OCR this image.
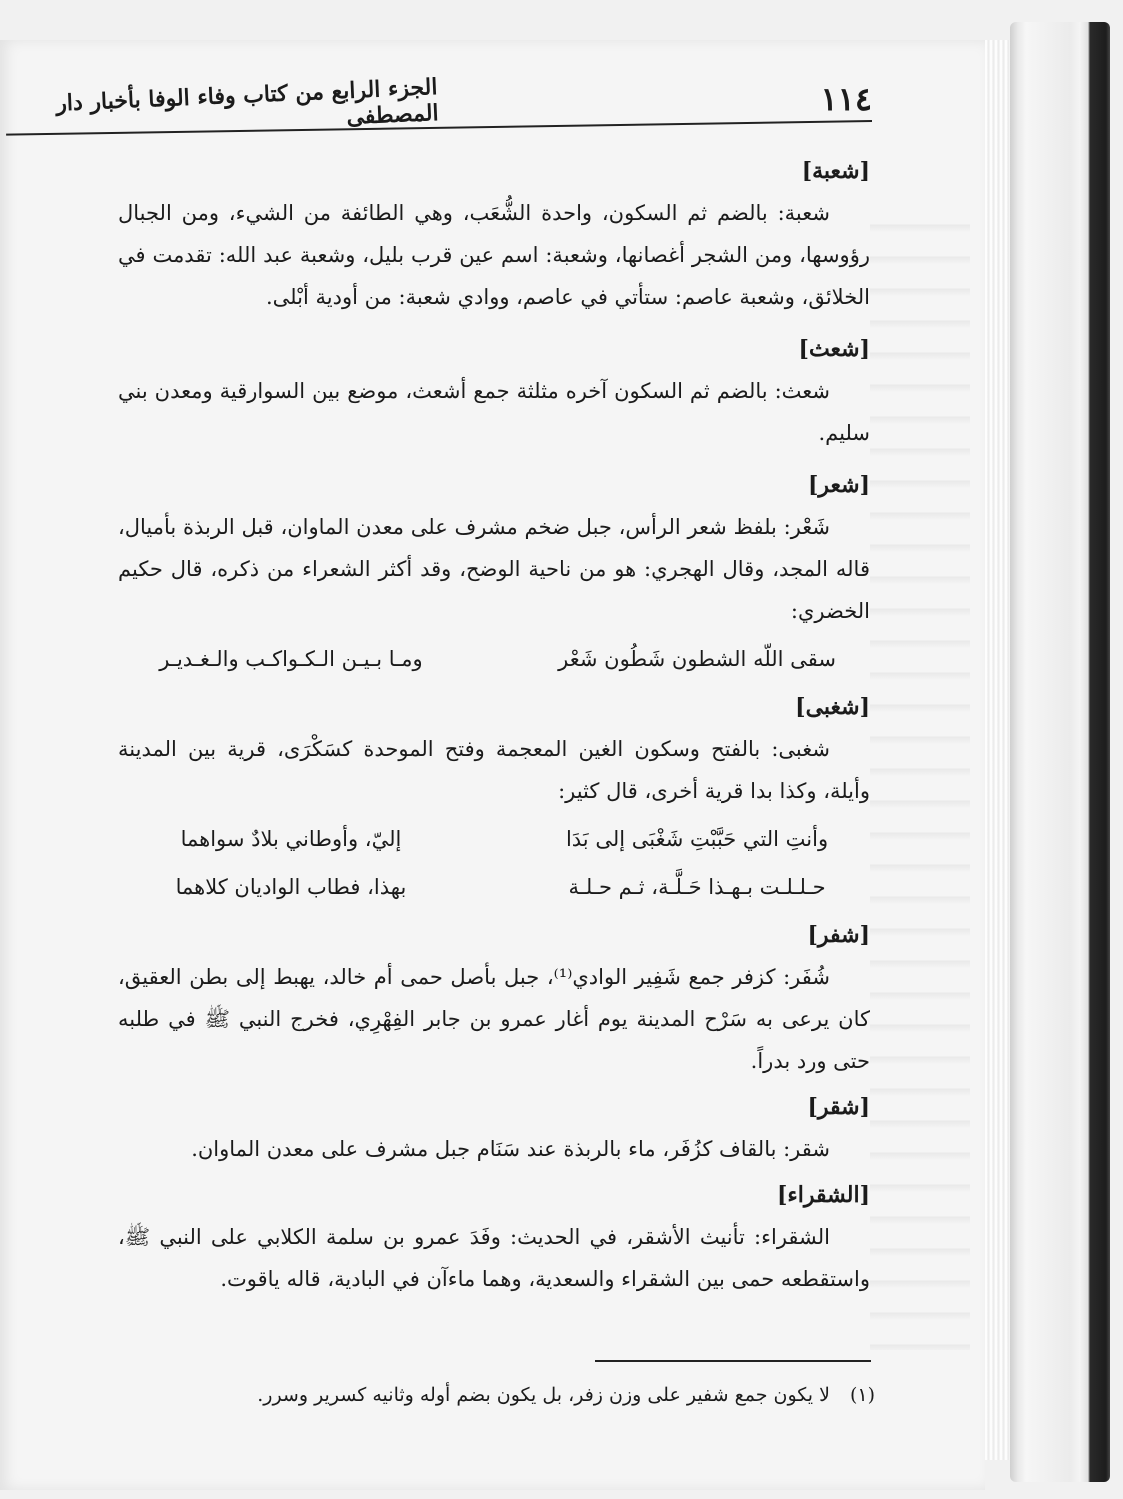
١١٤
الجزء الرابع من كتاب وفاء الوفا بأخبار دار المصطفى
[شعبة]

شعبة: بالضم ثم السكون، واحدة الشُّعَب، وهي الطائفة من الشيء، ومن الجبال رؤوسها، ومن الشجر أغصانها، وشعبة: اسم عين قرب بليل، وشعبة عبد الله: تقدمت في الخلائق، وشعبة عاصم: ستأتي في عاصم، ووادي شعبة: من أودية أبْلى.

[شعث]

شعث: بالضم ثم السكون آخره مثلثة جمع أشعث، موضع بين السوارقية ومعدن بني سليم.

[شعر]

شَعْر: بلفظ شعر الرأس، جبل ضخم مشرف على معدن الماوان، قبل الربذة بأميال، قاله المجد، وقال الهجري: هو من ناحية الوضح، وقد أكثر الشعراء من ذكره، قال حكيم الخضري:

سقى اللّه الشطون شَطُون شَعْر
ومـا بـيـن الـكـواكـب والـغـديـر
[شغبى]

شغبى: بالفتح وسكون الغين المعجمة وفتح الموحدة كسَكْرَى، قرية بين المدينة وأيلة، وكذا بدا قرية أخرى، قال كثير:

وأنتِ التي حَبَّبْتِ شَغْبَى إلى بَدَا
إليّ، وأوطاني بلادٌ سواهما
حـلـلـت بـهـذا حَـلَّـة، ثـم حـلـة
بهذا، فطاب الواديان كلاهما
[شفر]

شُفَر: كزفر جمع شَفِير الوادي⁽¹⁾، جبل بأصل حمى أم خالد، يهبط إلى بطن العقيق، كان يرعى به سَرْح المدينة يوم أغار عمرو بن جابر الفِهْرِي، فخرج النبي ﷺ في طلبه حتى ورد بدراً.

[شقر]

شقر: بالقاف كزُفَر، ماء بالربذة عند سَنَام جبل مشرف على معدن الماوان.

[الشقراء]

الشقراء: تأنيث الأشقر، في الحديث: وفَدَ عمرو بن سلمة الكلابي على النبي ﷺ، واستقطعه حمى بين الشقراء والسعدية، وهما ماءآن في البادية، قاله ياقوت.

(١)لا يكون جمع شفير على وزن زفر، بل يكون بضم أوله وثانيه كسرير وسرر.
